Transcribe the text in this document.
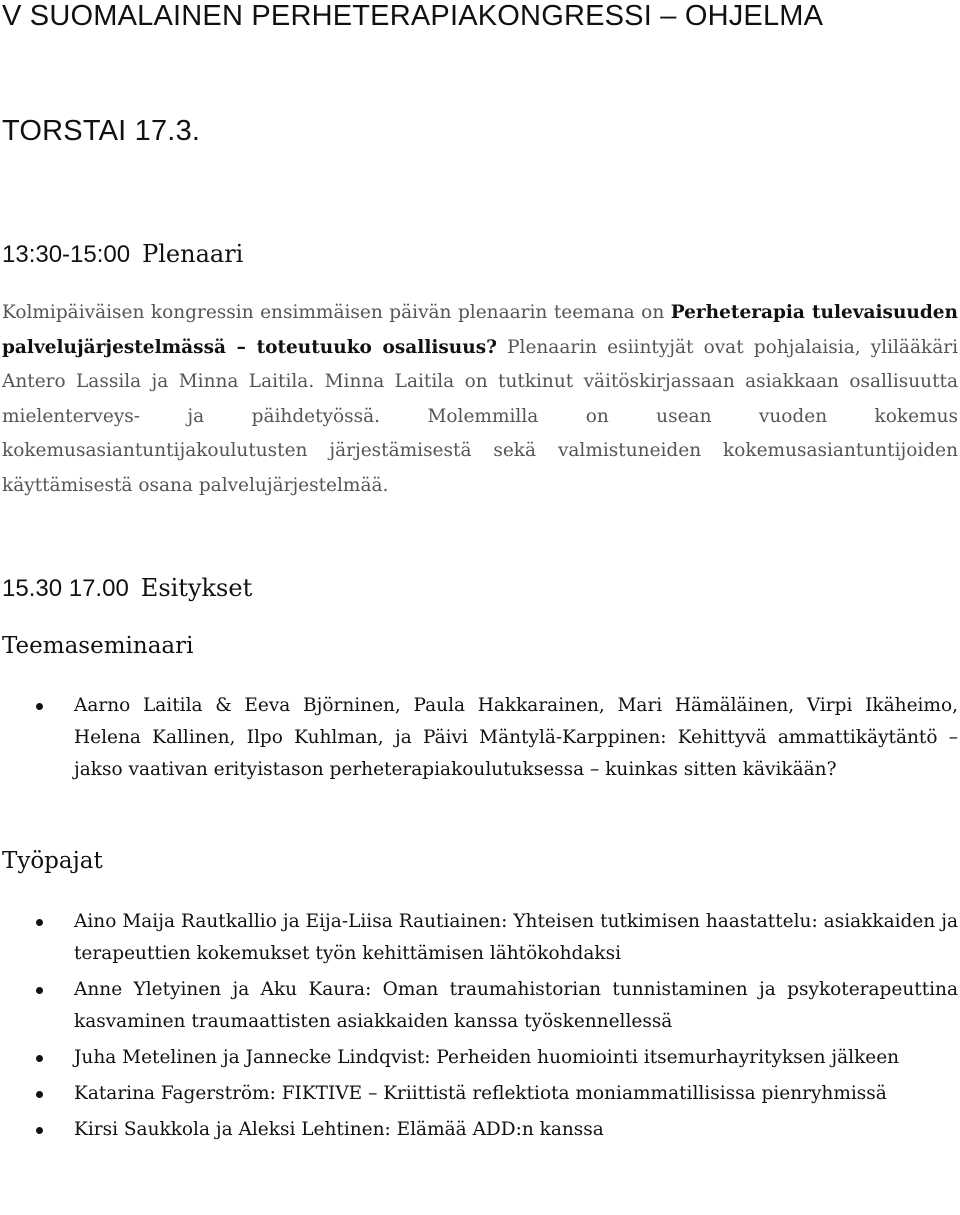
V SUOMALAINEN PERHETERAPIAKONGRESSI – OHJELMA
TORSTAI 17.3.
13:30-15:00 Plenaari

Kolmipäiväisen kongressin ensimmäisen päivän plenaarin teemana on Perheterapia tulevaisuuden palvelujärjestelmässä – toteutuuko osallisuus? Plenaarin esiintyjät ovat pohjalaisia, ylilääkäri Antero Lassila ja Minna Laitila. Minna Laitila on tutkinut väitöskirjassaan asiakkaan osallisuutta mielenterveys- ja päihdetyössä. Molemmilla on usean vuoden kokemus kokemusasiantuntijakoulutusten järjestämisestä sekä valmistuneiden kokemusasiantuntijoiden käyttämisestä osana palvelujärjestelmää.

15.30 17.00 Esitykset
Teemaseminaari
Aarno Laitila & Eeva Björninen, Paula Hakkarainen, Mari Hämäläinen, Virpi Ikäheimo, Helena Kallinen, Ilpo Kuhlman, ja Päivi Mäntylä-Karppinen: Kehittyvä ammattikäytäntö – jakso vaativan erityistason perheterapiakoulutuksessa – kuinkas sitten kävikään?
Työpajat
Aino Maija Rautkallio ja Eija-Liisa Rautiainen: Yhteisen tutkimisen haastattelu: asiakkaiden ja terapeuttien kokemukset työn kehittämisen lähtökohdaksi
Anne Yletyinen ja Aku Kaura: Oman traumahistorian tunnistaminen ja psykoterapeuttina kasvaminen traumaattisten asiakkaiden kanssa työskennellessä
Juha Metelinen ja Jannecke Lindqvist: Perheiden huomiointi itsemurhayrityksen jälkeen
Katarina Fagerström: FIKTIVE – Kriittistä reflektiota moniammatillisissa pienryhmissä
Kirsi Saukkola ja Aleksi Lehtinen: Elämää ADD:n kanssa
